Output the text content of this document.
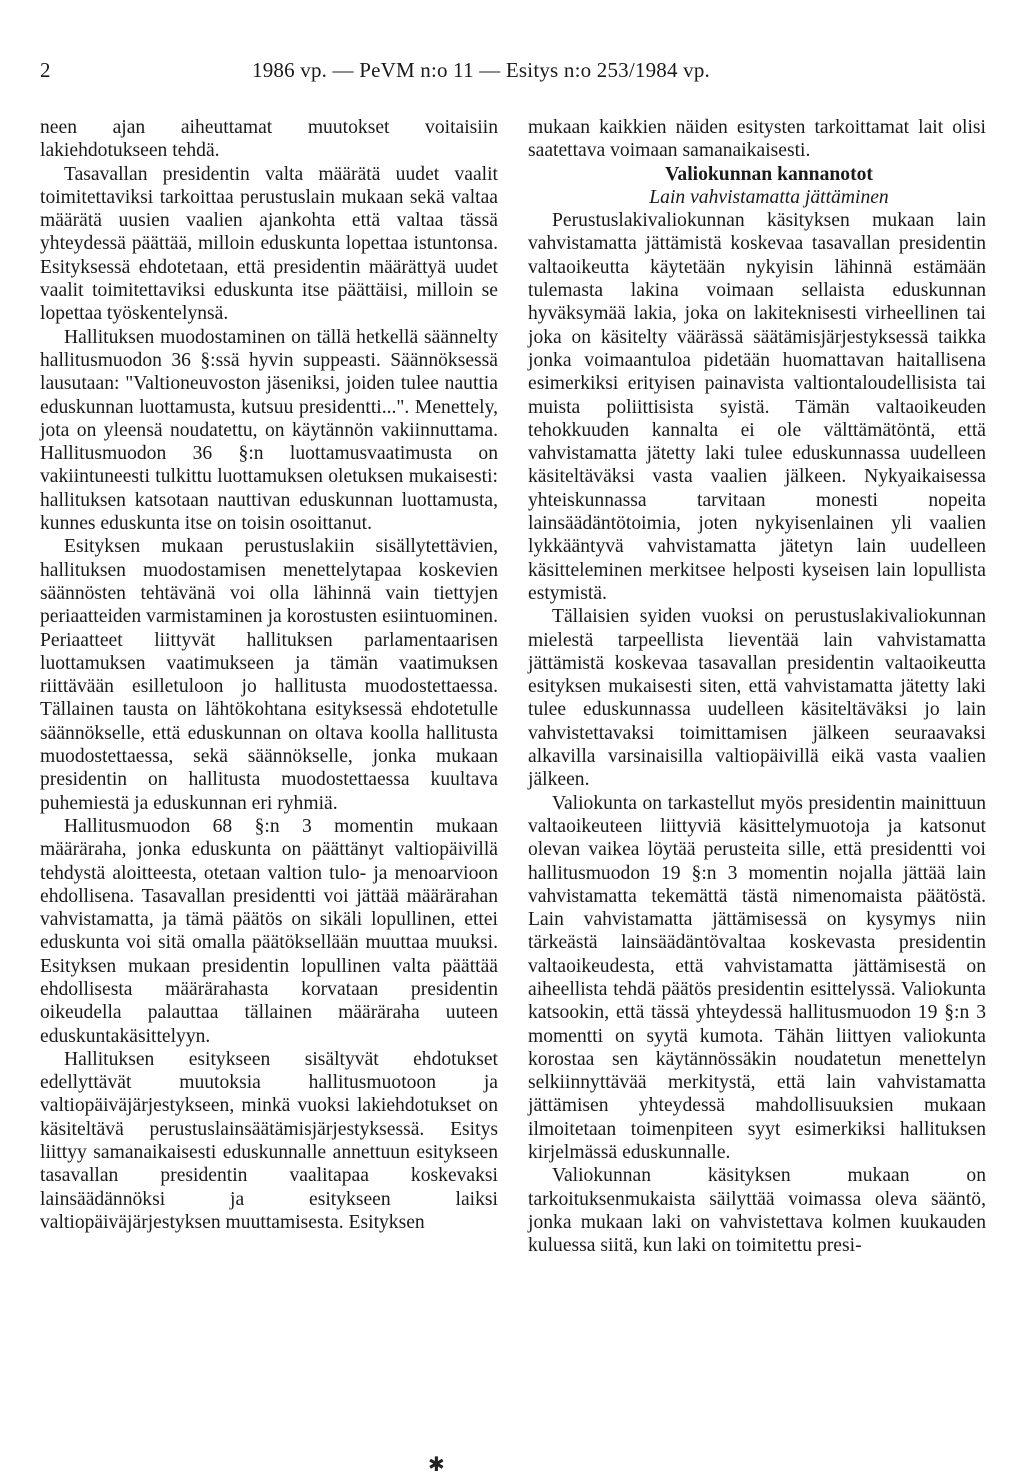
2	1986 vp. — PeVM n:o 11 — Esitys n:o 253/1984 vp.

neen ajan aiheuttamat muutokset voitaisiin lakiehdotukseen tehdä.

Tasavallan presidentin valta määrätä uudet vaalit toimitettaviksi tarkoittaa perustuslain mukaan sekä valtaa määrätä uusien vaalien ajankohta että valtaa tässä yhteydessä päättää, milloin eduskunta lopettaa istuntonsa. Esityksessä ehdotetaan, että presidentin määrättyä uudet vaalit toimitettaviksi eduskunta itse päättäisi, milloin se lopettaa työskentelynsä.

Hallituksen muodostaminen on tällä hetkellä säännelty hallitusmuodon 36 §:ssä hyvin suppeasti. Säännöksessä lausutaan: "Valtioneuvoston jäseniksi, joiden tulee nauttia eduskunnan luottamusta, kutsuu presidentti...". Menettely, jota on yleensä noudatettu, on käytännön vakiinnuttama. Hallitusmuodon 36 §:n luottamusvaatimusta on vakiintuneesti tulkittu luottamuksen oletuksen mukaisesti: hallituksen katsotaan nauttivan eduskunnan luottamusta, kunnes eduskunta itse on toisin osoittanut.

Esityksen mukaan perustuslakiin sisällytettävien, hallituksen muodostamisen menettelytapaa koskevien säännösten tehtävänä voi olla lähinnä vain tiettyjen periaatteiden varmistaminen ja korostusten esiintuominen. Periaatteet liittyvät hallituksen parlamentaarisen luottamuksen vaatimukseen ja tämän vaatimuksen riittävään esilletuloon jo hallitusta muodostettaessa. Tällainen tausta on lähtökohtana esityksessä ehdotetulle säännökselle, että eduskunnan on oltava koolla hallitusta muodostettaessa, sekä säännökselle, jonka mukaan presidentin on hallitusta muodostettaessa kuultava puhemiestä ja eduskunnan eri ryhmiä.

Hallitusmuodon 68 §:n 3 momentin mukaan määräraha, jonka eduskunta on päättänyt valtiopäivillä tehdystä aloitteesta, otetaan valtion tulo- ja menoarvioon ehdollisena. Tasavallan presidentti voi jättää määrärahan vahvistamatta, ja tämä päätös on sikäli lopullinen, ettei eduskunta voi sitä omalla päätöksellään muuttaa muuksi. Esityksen mukaan presidentin lopullinen valta päättää ehdollisesta määrärahasta korvataan presidentin oikeudella palauttaa tällainen määräraha uuteen eduskuntakäsittelyyn.

Hallituksen esitykseen sisältyvät ehdotukset edellyttävät muutoksia hallitusmuotoon ja valtiopäiväjärjestykseen, minkä vuoksi lakiehdotukset on käsiteltävä perustuslainsäätämisjärjestyksessä. Esitys liittyy samanaikaisesti eduskunnalle annettuun esitykseen tasavallan presidentin vaalitapaa koskevaksi lainsäädännöksi ja esitykseen laiksi valtiopäiväjärjestyksen muuttamisesta. Esityksen

mukaan kaikkien näiden esitysten tarkoittamat lait olisi saatettava voimaan samanaikaisesti.

Valiokunnan kannanotot

Lain vahvistamatta jättäminen

Perustuslakivaliokunnan käsityksen mukaan lain vahvistamatta jättämistä koskevaa tasavallan presidentin valtaoikeutta käytetään nykyisin lähinnä estämään tulemasta lakina voimaan sellaista eduskunnan hyväksymää lakia, joka on lakiteknisesti virheellinen tai joka on käsitelty väärässä säätämisjärjestyksessä taikka jonka voimaantuloa pidetään huomattavan haitallisena esimerkiksi erityisen painavista valtiontaloudellisista tai muista poliittisista syistä. Tämän valtaoikeuden tehokkuuden kannalta ei ole välttämätöntä, että vahvistamatta jätetty laki tulee eduskunnassa uudelleen käsiteltäväksi vasta vaalien jälkeen. Nykyaikaisessa yhteiskunnassa tarvitaan monesti nopeita lainsäädäntötoimia, joten nykyisenlainen yli vaalien lykkääntyvä vahvistamatta jätetyn lain uudelleen käsitteleminen merkitsee helposti kyseisen lain lopullista estymistä.

Tällaisien syiden vuoksi on perustuslakivaliokunnan mielestä tarpeellista lieventää lain vahvistamatta jättämistä koskevaa tasavallan presidentin valtaoikeutta esityksen mukaisesti siten, että vahvistamatta jätetty laki tulee eduskunnassa uudelleen käsiteltäväksi jo lain vahvistettavaksi toimittamisen jälkeen seuraavaksi alkavilla varsinaisilla valtiopäivillä eikä vasta vaalien jälkeen.

Valiokunta on tarkastellut myös presidentin mainittuun valtaoikeuteen liittyviä käsittelymuotoja ja katsonut olevan vaikea löytää perusteita sille, että presidentti voi hallitusmuodon 19 §:n 3 momentin nojalla jättää lain vahvistamatta tekemättä tästä nimenomaista päätöstä. Lain vahvistamatta jättämisessä on kysymys niin tärkeästä lainsäädäntövaltaa koskevasta presidentin valtaoikeudesta, että vahvistamatta jättämisestä on aiheellista tehdä päätös presidentin esittelyssä. Valiokunta katsookin, että tässä yhteydessä hallitusmuodon 19 §:n 3 momentti on syytä kumota. Tähän liittyen valiokunta korostaa sen käytännössäkin noudatetun menettelyn selkiinnyttävää merkitystä, että lain vahvistamatta jättämisen yhteydessä mahdollisuuksien mukaan ilmoitetaan toimenpiteen syyt esimerkiksi hallituksen kirjelmässä eduskunnalle.

Valiokunnan käsityksen mukaan on tarkoituksenmukaista säilyttää voimassa oleva sääntö, jonka mukaan laki on vahvistettava kolmen kuukauden kuluessa siitä, kun laki on toimitettu presi-

✱
